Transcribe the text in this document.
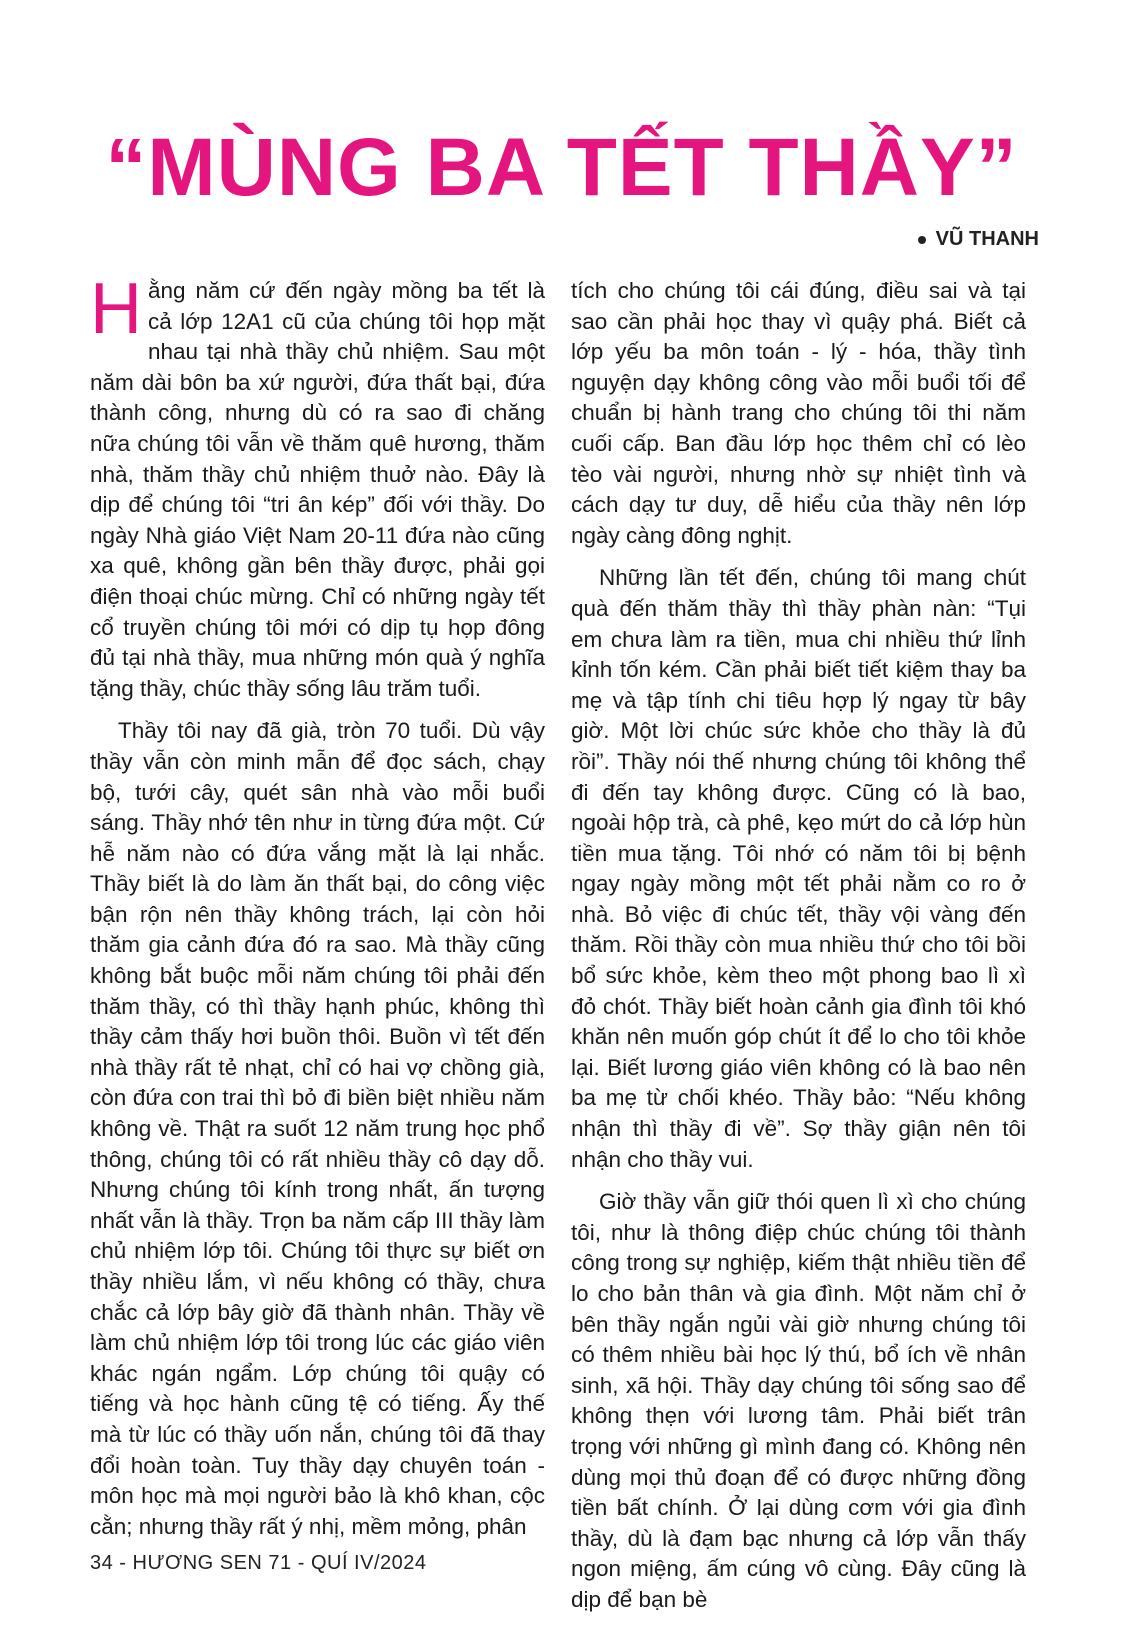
“MÙNG BA TẾT THẦY”
VŨ THANH

Hằng năm cứ đến ngày mồng ba tết là cả lớp 12A1 cũ của chúng tôi họp mặt nhau tại nhà thầy chủ nhiệm. Sau một năm dài bôn ba xứ người, đứa thất bại, đứa thành công, nhưng dù có ra sao đi chăng nữa chúng tôi vẫn về thăm quê hương, thăm nhà, thăm thầy chủ nhiệm thuở nào. Đây là dịp để chúng tôi “tri ân kép” đối với thầy. Do ngày Nhà giáo Việt Nam 20-11 đứa nào cũng xa quê, không gần bên thầy được, phải gọi điện thoại chúc mừng. Chỉ có những ngày tết cổ truyền chúng tôi mới có dịp tụ họp đông đủ tại nhà thầy, mua những món quà ý nghĩa tặng thầy, chúc thầy sống lâu trăm tuổi.

Thầy tôi nay đã già, tròn 70 tuổi. Dù vậy thầy vẫn còn minh mẫn để đọc sách, chạy bộ, tưới cây, quét sân nhà vào mỗi buổi sáng. Thầy nhớ tên như in từng đứa một. Cứ hễ năm nào có đứa vắng mặt là lại nhắc. Thầy biết là do làm ăn thất bại, do công việc bận rộn nên thầy không trách, lại còn hỏi thăm gia cảnh đứa đó ra sao. Mà thầy cũng không bắt buộc mỗi năm chúng tôi phải đến thăm thầy, có thì thầy hạnh phúc, không thì thầy cảm thấy hơi buồn thôi. Buồn vì tết đến nhà thầy rất tẻ nhạt, chỉ có hai vợ chồng già, còn đứa con trai thì bỏ đi biền biệt nhiều năm không về. Thật ra suốt 12 năm trung học phổ thông, chúng tôi có rất nhiều thầy cô dạy dỗ. Nhưng chúng tôi kính trong nhất, ấn tượng nhất vẫn là thầy. Trọn ba năm cấp III thầy làm chủ nhiệm lớp tôi. Chúng tôi thực sự biết ơn thầy nhiều lắm, vì nếu không có thầy, chưa chắc cả lớp bây giờ đã thành nhân. Thầy về làm chủ nhiệm lớp tôi trong lúc các giáo viên khác ngán ngẩm. Lớp chúng tôi quậy có tiếng và học hành cũng tệ có tiếng. Ấy thế mà từ lúc có thầy uốn nắn, chúng tôi đã thay đổi hoàn toàn. Tuy thầy dạy chuyên toán - môn học mà mọi người bảo là khô khan, cộc cằn; nhưng thầy rất ý nhị, mềm mỏng, phân

tích cho chúng tôi cái đúng, điều sai và tại sao cần phải học thay vì quậy phá. Biết cả lớp yếu ba môn toán - lý - hóa, thầy tình nguyện dạy không công vào mỗi buổi tối để chuẩn bị hành trang cho chúng tôi thi năm cuối cấp. Ban đầu lớp học thêm chỉ có lèo tèo vài người, nhưng nhờ sự nhiệt tình và cách dạy tư duy, dễ hiểu của thầy nên lớp ngày càng đông nghịt.

Những lần tết đến, chúng tôi mang chút quà đến thăm thầy thì thầy phàn nàn: “Tụi em chưa làm ra tiền, mua chi nhiều thứ lỉnh kỉnh tốn kém. Cần phải biết tiết kiệm thay ba mẹ và tập tính chi tiêu hợp lý ngay từ bây giờ. Một lời chúc sức khỏe cho thầy là đủ rồi”. Thầy nói thế nhưng chúng tôi không thể đi đến tay không được. Cũng có là bao, ngoài hộp trà, cà phê, kẹo mứt do cả lớp hùn tiền mua tặng. Tôi nhớ có năm tôi bị bệnh ngay ngày mồng một tết phải nằm co ro ở nhà. Bỏ việc đi chúc tết, thầy vội vàng đến thăm. Rồi thầy còn mua nhiều thứ cho tôi bồi bổ sức khỏe, kèm theo một phong bao lì xì đỏ chót. Thầy biết hoàn cảnh gia đình tôi khó khăn nên muốn góp chút ít để lo cho tôi khỏe lại. Biết lương giáo viên không có là bao nên ba mẹ từ chối khéo. Thầy bảo: “Nếu không nhận thì thầy đi về”. Sợ thầy giận nên tôi nhận cho thầy vui.

Giờ thầy vẫn giữ thói quen lì xì cho chúng tôi, như là thông điệp chúc chúng tôi thành công trong sự nghiệp, kiếm thật nhiều tiền để lo cho bản thân và gia đình. Một năm chỉ ở bên thầy ngắn ngủi vài giờ nhưng chúng tôi có thêm nhiều bài học lý thú, bổ ích về nhân sinh, xã hội. Thầy dạy chúng tôi sống sao để không thẹn với lương tâm. Phải biết trân trọng với những gì mình đang có. Không nên dùng mọi thủ đoạn để có được những đồng tiền bất chính. Ở lại dùng cơm với gia đình thầy, dù là đạm bạc nhưng cả lớp vẫn thấy ngon miệng, ấm cúng vô cùng. Đây cũng là dịp để bạn bè

34 - HƯƠNG SEN 71 - QUÍ IV/2024
